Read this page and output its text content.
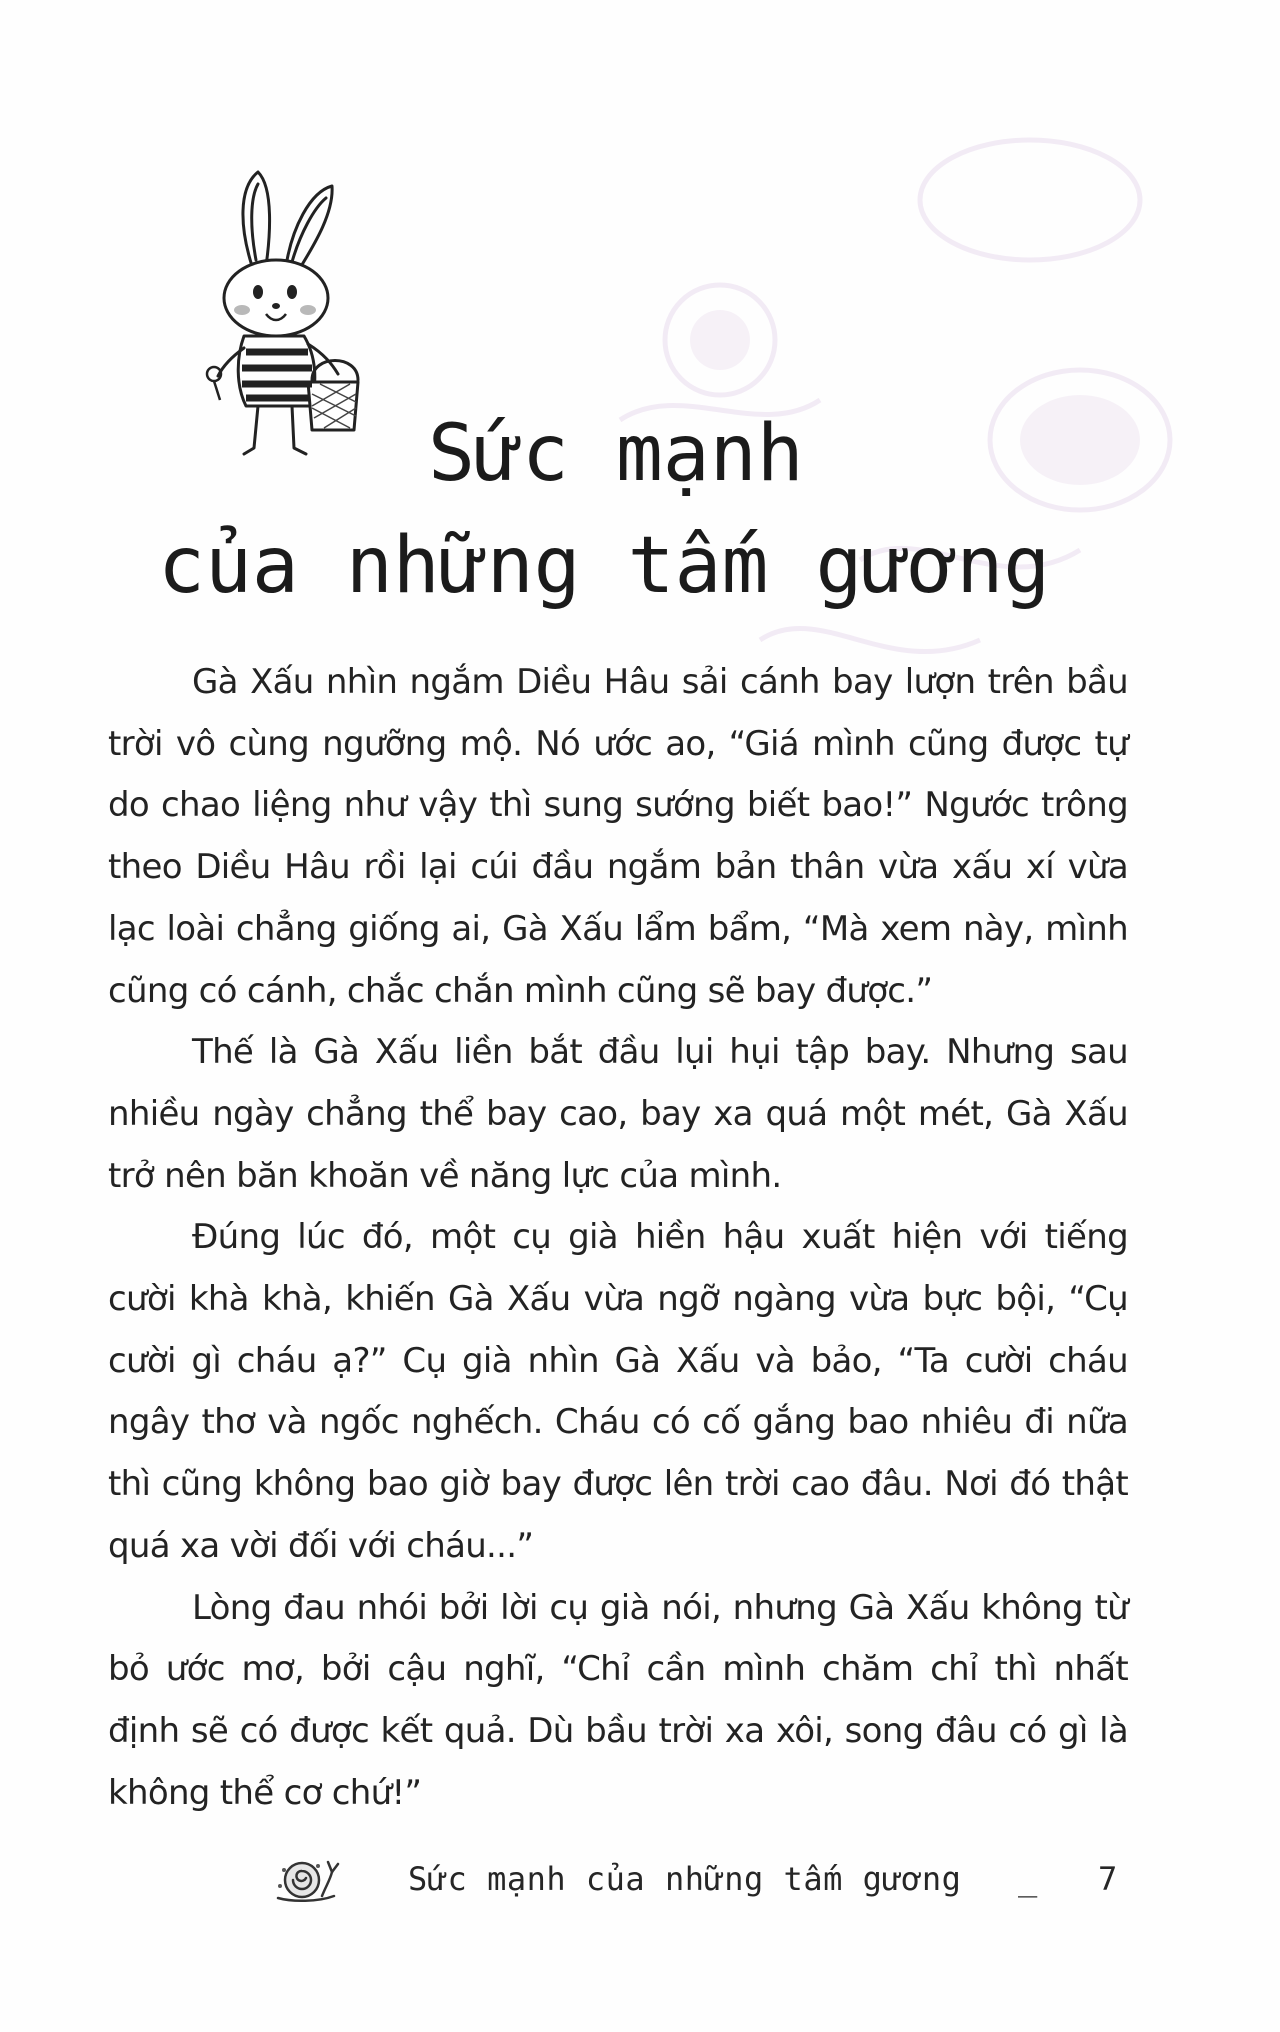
Sức mạnh
của những tấm gương

Gà Xấu nhìn ngắm Diều Hâu sải cánh bay lượn trên bầu trời vô cùng ngưỡng mộ. Nó ước ao, “Giá mình cũng được tự do chao liệng như vậy thì sung sướng biết bao!” Ngước trông theo Diều Hâu rồi lại cúi đầu ngắm bản thân vừa xấu xí vừa lạc loài chẳng giống ai, Gà Xấu lẩm bẩm, “Mà xem này, mình cũng có cánh, chắc chắn mình cũng sẽ bay được.”

Thế là Gà Xấu liền bắt đầu lụi hụi tập bay. Nhưng sau nhiều ngày chẳng thể bay cao, bay xa quá một mét, Gà Xấu trở nên băn khoăn về năng lực của mình.

Đúng lúc đó, một cụ già hiền hậu xuất hiện với tiếng cười khà khà, khiến Gà Xấu vừa ngỡ ngàng vừa bực bội, “Cụ cười gì cháu ạ?” Cụ già nhìn Gà Xấu và bảo, “Ta cười cháu ngây thơ và ngốc nghếch. Cháu có cố gắng bao nhiêu đi nữa thì cũng không bao giờ bay được lên trời cao đâu. Nơi đó thật quá xa vời đối với cháu...”

Lòng đau nhói bởi lời cụ già nói, nhưng Gà Xấu không từ bỏ ước mơ, bởi cậu nghĩ, “Chỉ cần mình chăm chỉ thì nhất định sẽ có được kết quả. Dù bầu trời xa xôi, song đâu có gì là không thể cơ chứ!”

Sức mạnh của những tấm gương _ 7
